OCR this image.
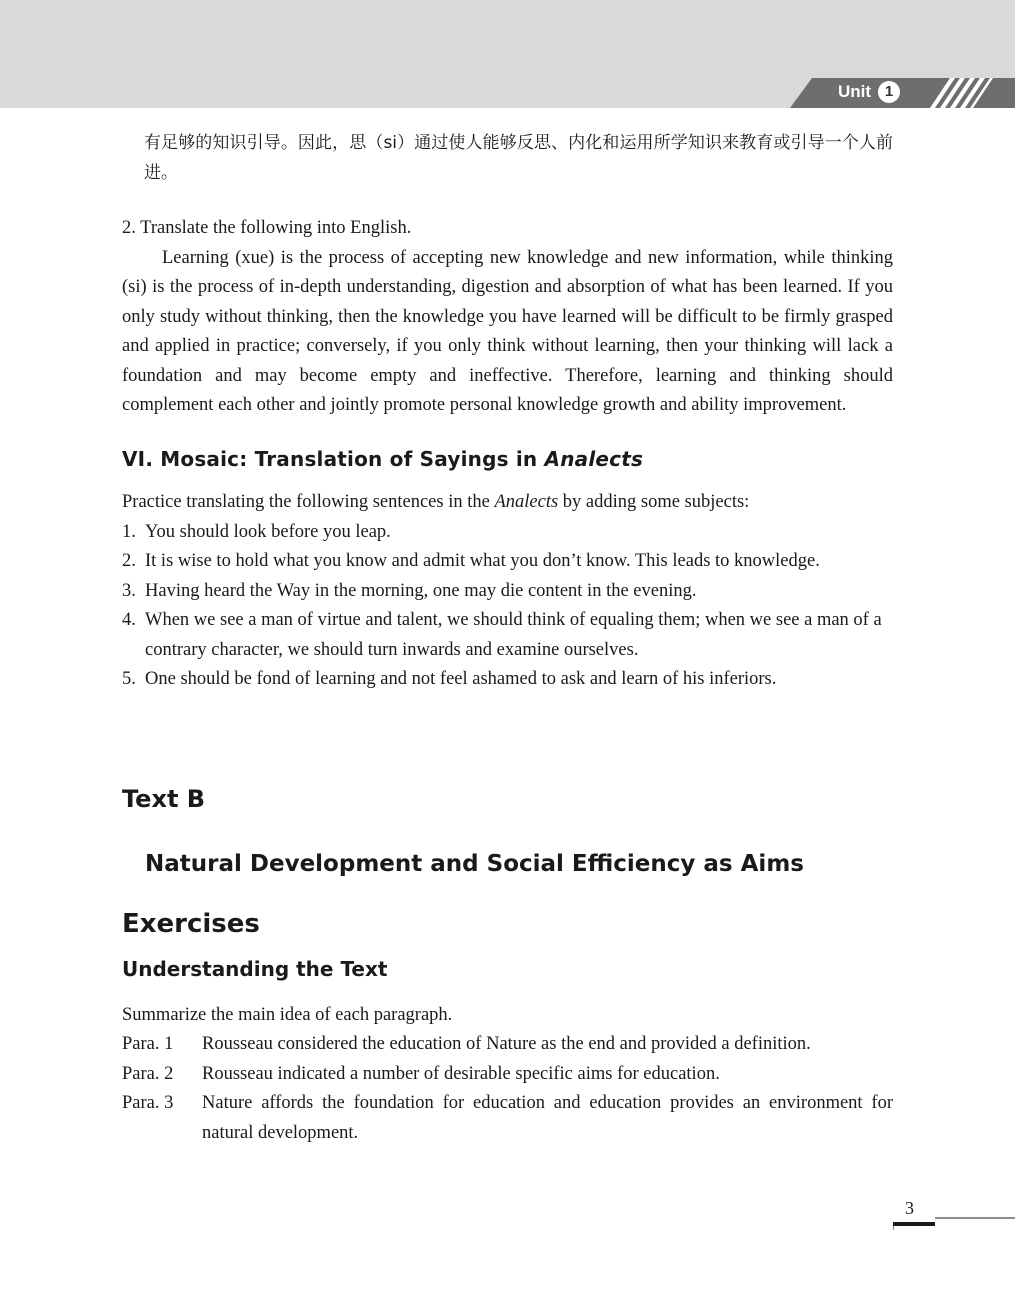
Unit 1

有足够的知识引导。因此，思（si）通过使人能够反思、内化和运用所学知识来教育或引导一个人前进。

2. Translate the following into English.

Learning (xue) is the process of accepting new knowledge and new information, while thinking (si) is the process of in-depth understanding, digestion and absorption of what has been learned. If you only study without thinking, then the knowledge you have learned will be difficult to be firmly grasped and applied in practice; conversely, if you only think without learning, then your thinking will lack a foundation and may become empty and ineffective. Therefore, learning and thinking should complement each other and jointly promote personal knowledge growth and ability improvement.

VI. Mosaic: Translation of Sayings in Analects

Practice translating the following sentences in the Analects by adding some subjects:

1. You should look before you leap.
2. It is wise to hold what you know and admit what you don’t know. This leads to knowledge.
3. Having heard the Way in the morning, one may die content in the evening.
4. When we see a man of virtue and talent, we should think of equaling them; when we see a man of a contrary character, we should turn inwards and examine ourselves.
5. One should be fond of learning and not feel ashamed to ask and learn of his inferiors.
Text B
Natural Development and Social Efficiency as Aims
Exercises
Understanding the Text

Summarize the main idea of each paragraph.

Para. 1	Rousseau considered the education of Nature as the end and provided a definition.
Para. 2	Rousseau indicated a number of desirable specific aims for education.
Para. 3	Nature affords the foundation for education and education provides an environment for natural development.
3
